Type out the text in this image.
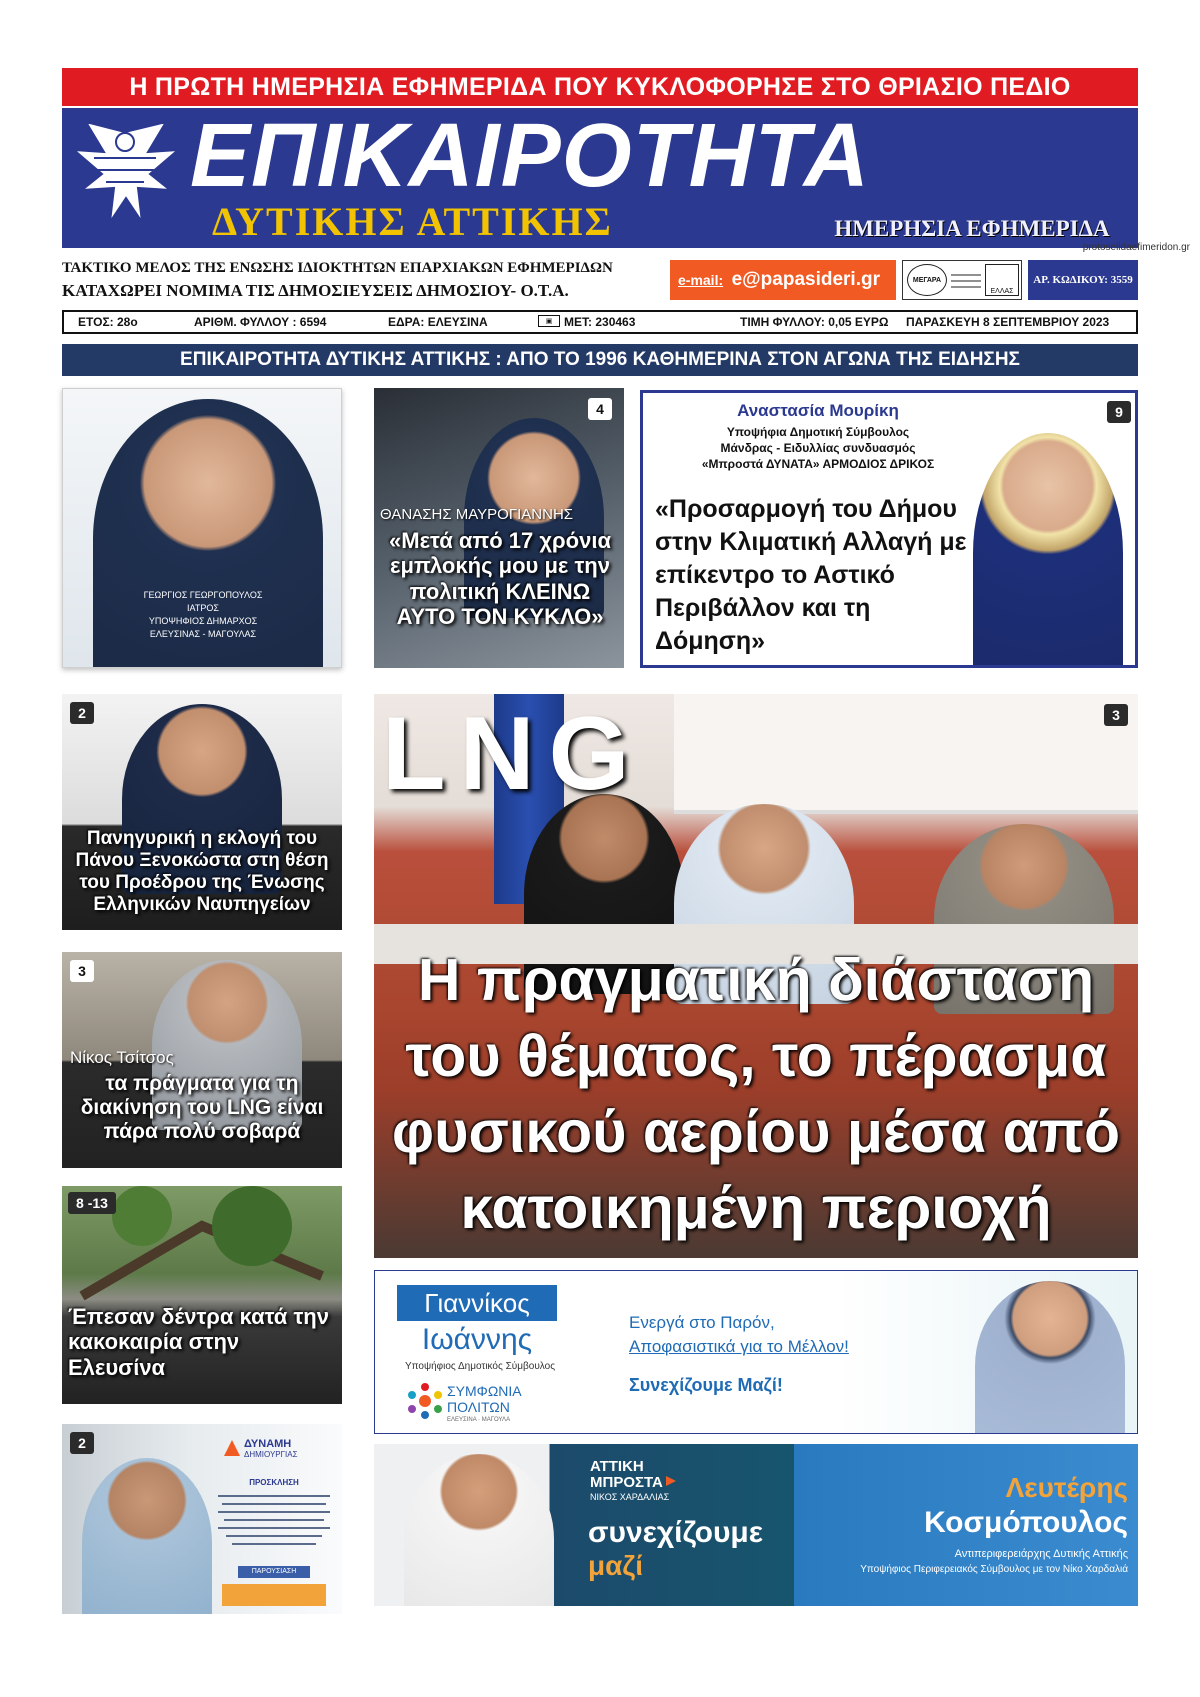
Η ΠΡΩΤΗ ΗΜΕΡΗΣΙΑ ΕΦΗΜΕΡΙΔΑ ΠΟΥ ΚΥΚΛΟΦΟΡΗΣΕ ΣΤΟ ΘΡΙΑΣΙΟ ΠΕΔΙΟ
ΕΠΙΚΑΙΡΟΤΗΤΑ
ΔΥΤΙΚΗΣ ΑΤΤΙΚΗΣ	ΗΜΕΡΗΣΙΑ ΕΦΗΜΕΡΙΔΑ
protoselidaefimeridon.gr
ΤΑΚΤΙΚΟ ΜΕΛΟΣ ΤΗΣ ΕΝΩΣΗΣ ΙΔΙΟΚΤΗΤΩΝ ΕΠΑΡΧΙΑΚΩΝ ΕΦΗΜΕΡΙΔΩΝ
ΚΑΤΑΧΩΡΕΙ ΝΟΜΙΜΑ ΤΙΣ ΔΗΜΟΣΙΕΥΣΕΙΣ ΔΗΜΟΣΙΟΥ- Ο.Τ.Α.
e-mail: e@papasideri.gr	ΜΕΓΑΡΑ
ΕΛΛΑΣ
ΑΡ. ΚΩΔΙΚΟΥ: 3559
ΕΤΟΣ: 28ο	ΑΡΙΘΜ. ΦΥΛΛΟΥ : 6594	ΕΔΡΑ: ΕΛΕΥΣΙΝΑ	▣ ΜΕΤ: 230463	ΤΙΜΗ ΦΥΛΛΟΥ: 0,05 ΕΥΡΩ ΠΑΡΑΣΚΕΥΗ 8 ΣΕΠΤΕΜΒΡΙΟΥ 2023
ΕΠΙΚΑΙΡΟΤΗΤΑ ΔΥΤΙΚΗΣ ΑΤΤΙΚΗΣ : ΑΠΟ ΤΟ 1996 ΚΑΘΗΜΕΡΙΝΑ ΣΤΟΝ ΑΓΩΝΑ ΤΗΣ ΕΙΔΗΣΗΣ
ΓΕΩΡΓΙΟΣ ΓΕΩΡΓΟΠΟΥΛΟΣ
ΙΑΤΡΟΣ
ΥΠΟΨΗΦΙΟΣ ΔΗΜΑΡΧΟΣ
ΕΛΕΥΣΙΝΑΣ - ΜΑΓΟΥΛΑΣ
4
ΘΑΝΑΣΗΣ ΜΑΥΡΟΓΙΑΝΝΗΣ
«Μετά από 17 χρόνια εμπλοκής μου με την πολιτική ΚΛΕΙΝΩ ΑΥΤΟ ΤΟΝ ΚΥΚΛΟ»
Αναστασία Μουρίκη
Υποψήφια Δημοτική Σύμβουλος
Μάνδρας - Ειδυλλίας συνδυασμός
«Μπροστά ΔΥΝΑΤΑ» ΑΡΜΟΔΙΟΣ ΔΡΙΚΟΣ
«Προσαρμογή του Δήμου στην Κλιματική Αλλαγή με επίκεντρο το Αστικό Περιβάλλον και τη Δόμηση»
9
2
Πανηγυρική η εκλογή του Πάνου Ξενοκώστα στη θέση του Προέδρου της Ένωσης Ελληνικών Ναυπηγείων
3
Νίκος Τσίτσος
τα πράγματα για τη διακίνηση του LNG είναι πάρα πολύ σοβαρά
8 -13
Έπεσαν δέντρα κατά την κακοκαιρία στην Ελευσίνα
2	ΔΥΝΑΜΗ
ΔΗΜΙΟΥΡΓΙΑΣ
ΠΡΟΣΚΛΗΣΗ
ΠΑΡΟΥΣΙΑΣΗ
3
LNG
Η πραγματική διάσταση του θέματος, το πέρασμα φυσικού αερίου μέσα από κατοικημένη περιοχή
Γιαννίκος
Ιωάννης
Υποψήφιος Δημοτικός Σύμβουλος
ΣΥΜΦΩΝΙΑ
ΠΟΛΙΤΩΝ
ΕΛΕΥΣΙΝΑ · ΜΑΓΟΥΛΑ
Ενεργά στο Παρόν,
Αποφασιστικά για το Μέλλον!
Συνεχίζουμε Μαζί!
ΑΤΤΙΚΗ
ΜΠΡΟΣΤΑ
ΝΙΚΟΣ ΧΑΡΔΑΛΙΑΣ
συνεχίζουμε
μαζί
Λευτέρης
Κοσμόπουλος
Αντιπεριφερειάρχης Δυτικής Αττικής
Υποψήφιος Περιφερειακός Σύμβουλος με τον Νίκο Χαρδαλιά
